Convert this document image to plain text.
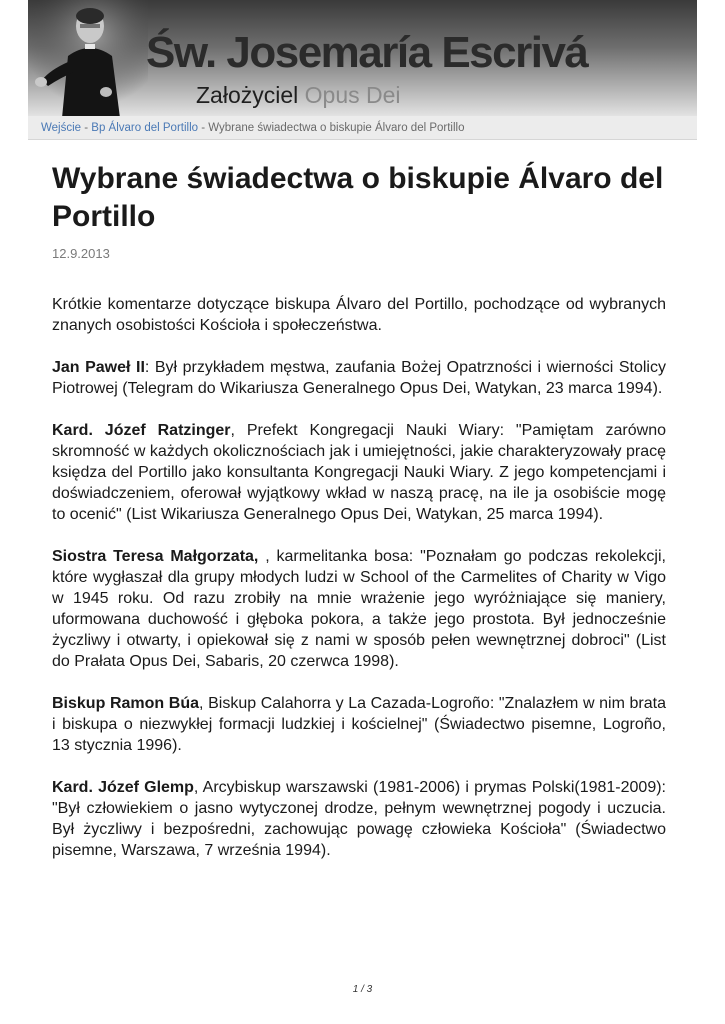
Św. Josemaría Escrivá
Założyciel Opus Dei
Wejście - Bp Álvaro del Portillo - Wybrane świadectwa o biskupie Álvaro del Portillo
Wybrane świadectwa o biskupie Álvaro del Portillo
12.9.2013

Krótkie komentarze dotyczące biskupa Álvaro del Portillo, pochodzące od wybranych znanych osobistości Kościoła i społeczeństwa.

Jan Paweł II: Był przykładem męstwa, zaufania Bożej Opatrzności i wierności Stolicy Piotrowej (Telegram do Wikariusza Generalnego Opus Dei, Watykan, 23 marca 1994).

Kard. Józef Ratzinger, Prefekt Kongregacji Nauki Wiary: "Pamiętam zarówno skromność w każdych okolicznościach jak i umiejętności, jakie charakteryzowały pracę księdza del Portillo jako konsultanta Kongregacji Nauki Wiary. Z jego kompetencjami i doświadczeniem, oferował wyjątkowy wkład w naszą pracę, na ile ja osobiście mogę to ocenić" (List Wikariusza Generalnego Opus Dei, Watykan, 25 marca 1994).

Siostra Teresa Małgorzata, , karmelitanka bosa: "Poznałam go podczas rekolekcji, które wygłaszał dla grupy młodych ludzi w School of the Carmelites of Charity w Vigo w 1945 roku. Od razu zrobiły na mnie wrażenie jego wyróżniające się maniery, uformowana duchowość i głęboka pokora, a także jego prostota. Był jednocześnie życzliwy i otwarty, i opiekował się z nami w sposób pełen wewnętrznej dobroci" (List do Prałata Opus Dei, Sabaris, 20 czerwca 1998).

Biskup Ramon Búa, Biskup Calahorra y La Cazada-Logroño: "Znalazłem w nim brata i biskupa o niezwykłej formacji ludzkiej i kościelnej" (Świadectwo pisemne, Logroño, 13 stycznia 1996).

Kard. Józef Glemp, Arcybiskup warszawski (1981-2006) i prymas Polski(1981-2009): "Był człowiekiem o jasno wytyczonej drodze, pełnym wewnętrznej pogody i uczucia. Był życzliwy i bezpośredni, zachowując powagę człowieka Kościoła" (Świadectwo pisemne, Warszawa, 7 września 1994).

1 / 3
